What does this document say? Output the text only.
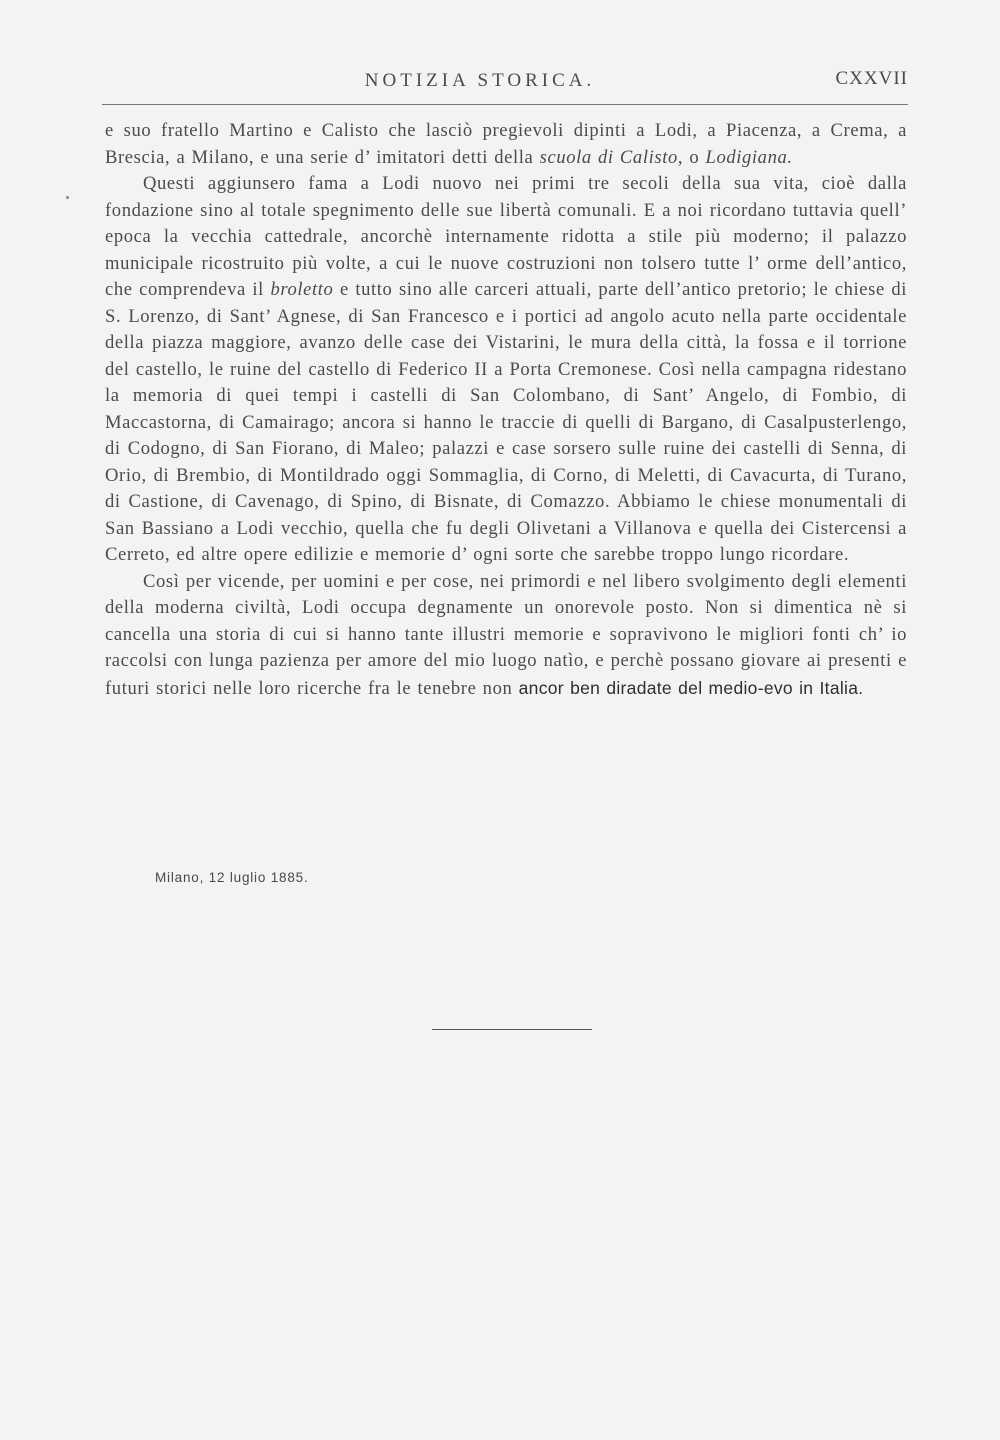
NOTIZIA STORICA.	CXXVII

e suo fratello Martino e Calisto che lasciò pregievoli dipinti a Lodi, a Piacenza, a Crema, a Brescia, a Milano, e una serie d’ imitatori detti della scuola di Calisto, o Lodigiana.

Questi aggiunsero fama a Lodi nuovo nei primi tre secoli della sua vita, cioè dalla fondazione sino al totale spegnimento delle sue libertà comunali. E a noi ricordano tuttavia quell’ epoca la vecchia cattedrale, ancorchè internamente ridotta a stile più moderno; il palazzo municipale ricostruito più volte, a cui le nuove costruzioni non tolsero tutte l’ orme dell’antico, che comprendeva il broletto e tutto sino alle carceri attuali, parte dell’antico pretorio; le chiese di S. Lorenzo, di Sant’ Agnese, di San Francesco e i portici ad angolo acuto nella parte occidentale della piazza maggiore, avanzo delle case dei Vistarini, le mura della città, la fossa e il torrione del castello, le ruine del castello di Federico II a Porta Cremonese. Così nella campagna ridestano la memoria di quei tempi i castelli di San Colombano, di Sant’ Angelo, di Fombio, di Maccastorna, di Camairago; ancora si hanno le traccie di quelli di Bargano, di Casalpusterlengo, di Codogno, di San Fiorano, di Maleo; palazzi e case sorsero sulle ruine dei castelli di Senna, di Orio, di Brembio, di Montildrado oggi Sommaglia, di Corno, di Meletti, di Cavacurta, di Turano, di Castione, di Cavenago, di Spino, di Bisnate, di Comazzo. Abbiamo le chiese monumentali di San Bassiano a Lodi vecchio, quella che fu degli Olivetani a Villanova e quella dei Cistercensi a Cerreto, ed altre opere edilizie e memorie d’ ogni sorte che sarebbe troppo lungo ricordare.

Così per vicende, per uomini e per cose, nei primordi e nel libero svolgimento degli elementi della moderna civiltà, Lodi occupa degnamente un onorevole posto. Non si dimentica nè si cancella una storia di cui si hanno tante illustri memorie e sopravivono le migliori fonti ch’ io raccolsi con lunga pazienza per amore del mio luogo natìo, e perchè possano giovare ai presenti e futuri storici nelle loro ricerche fra le tenebre non ancor ben diradate del medio-evo in Italia.

Milano, 12 luglio 1885.
